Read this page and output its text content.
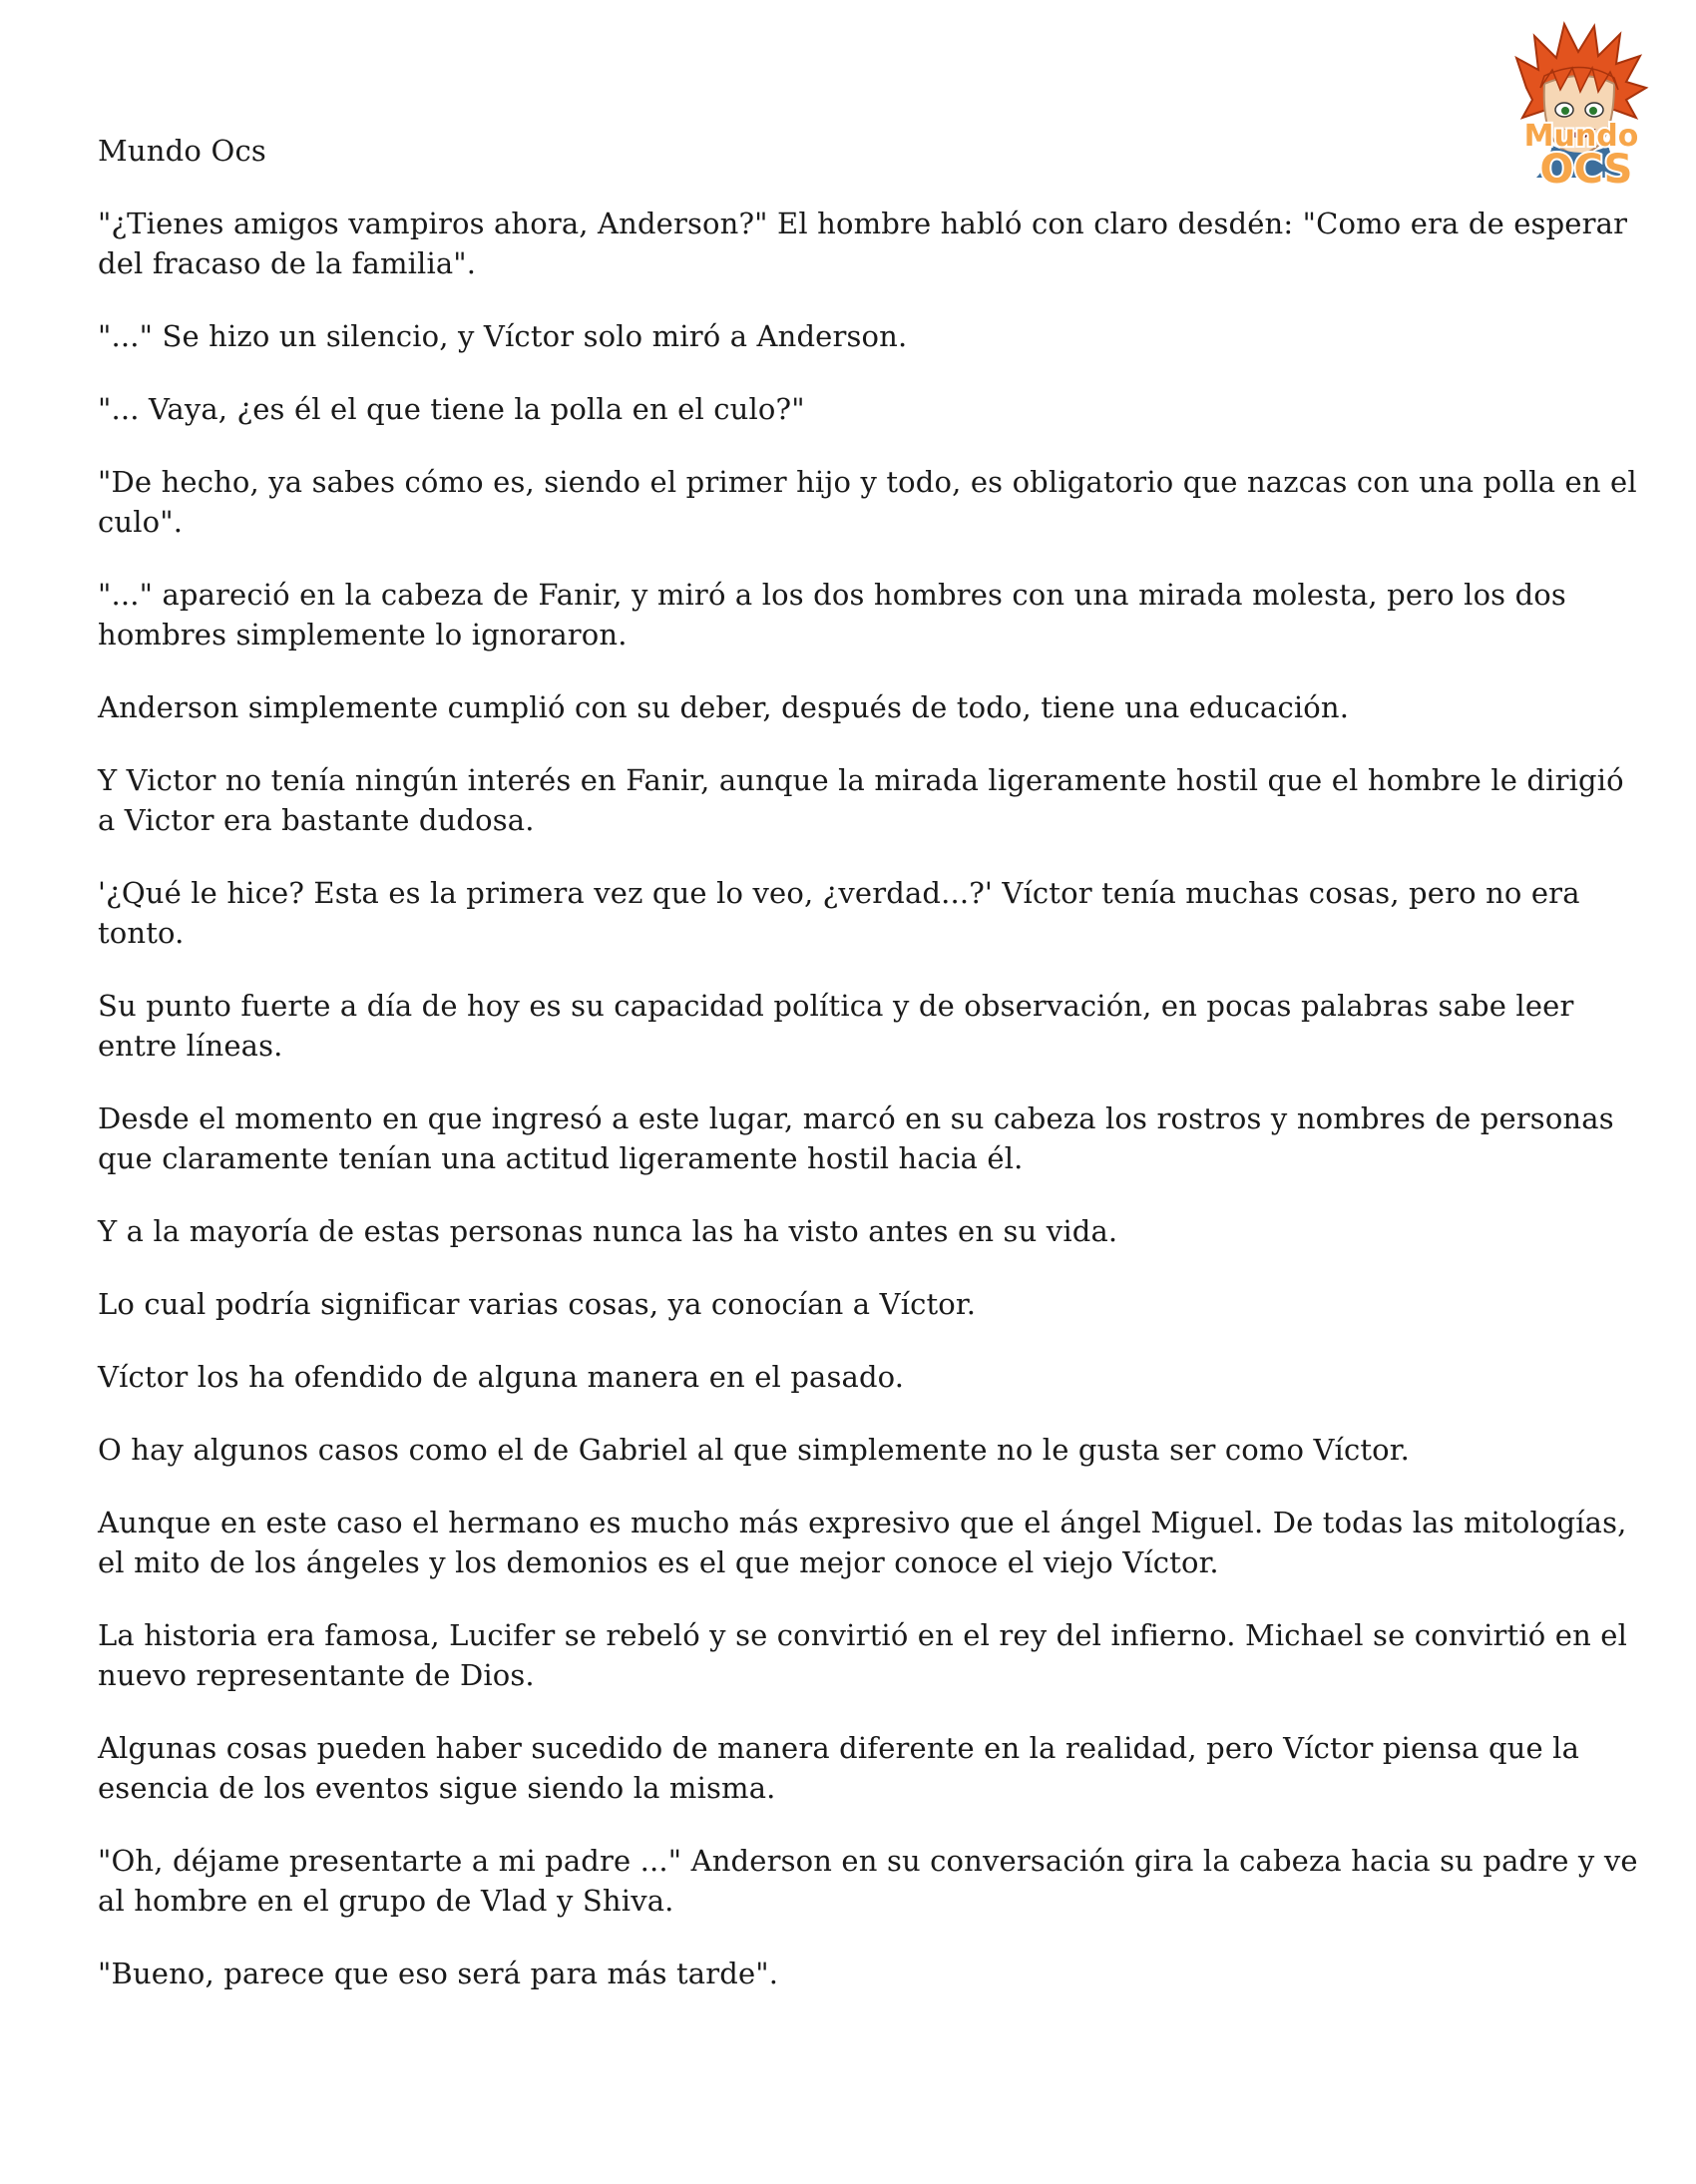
Mundo
OCS
Mundo Ocs

"¿Tienes amigos vampiros ahora, Anderson?" El hombre habló con claro desdén: "Como era de esperar del fracaso de la familia".

"..." Se hizo un silencio, y Víctor solo miró a Anderson.

"... Vaya, ¿es él el que tiene la polla en el culo?"

"De hecho, ya sabes cómo es, siendo el primer hijo y todo, es obligatorio que nazcas con una polla en el culo".

"..." apareció en la cabeza de Fanir, y miró a los dos hombres con una mirada molesta, pero los dos hombres simplemente lo ignoraron.

Anderson simplemente cumplió con su deber, después de todo, tiene una educación.

Y Victor no tenía ningún interés en Fanir, aunque la mirada ligeramente hostil que el hombre le dirigió a Victor era bastante dudosa.

'¿Qué le hice? Esta es la primera vez que lo veo, ¿verdad...?' Víctor tenía muchas cosas, pero no era tonto.

Su punto fuerte a día de hoy es su capacidad política y de observación, en pocas palabras sabe leer entre líneas.

Desde el momento en que ingresó a este lugar, marcó en su cabeza los rostros y nombres de personas que claramente tenían una actitud ligeramente hostil hacia él.

Y a la mayoría de estas personas nunca las ha visto antes en su vida.

Lo cual podría significar varias cosas, ya conocían a Víctor.

Víctor los ha ofendido de alguna manera en el pasado.

O hay algunos casos como el de Gabriel al que simplemente no le gusta ser como Víctor.

Aunque en este caso el hermano es mucho más expresivo que el ángel Miguel. De todas las mitologías, el mito de los ángeles y los demonios es el que mejor conoce el viejo Víctor.

La historia era famosa, Lucifer se rebeló y se convirtió en el rey del infierno. Michael se convirtió en el nuevo representante de Dios.

Algunas cosas pueden haber sucedido de manera diferente en la realidad, pero Víctor piensa que la esencia de los eventos sigue siendo la misma.

"Oh, déjame presentarte a mi padre ..." Anderson en su conversación gira la cabeza hacia su padre y ve al hombre en el grupo de Vlad y Shiva.

"Bueno, parece que eso será para más tarde".
